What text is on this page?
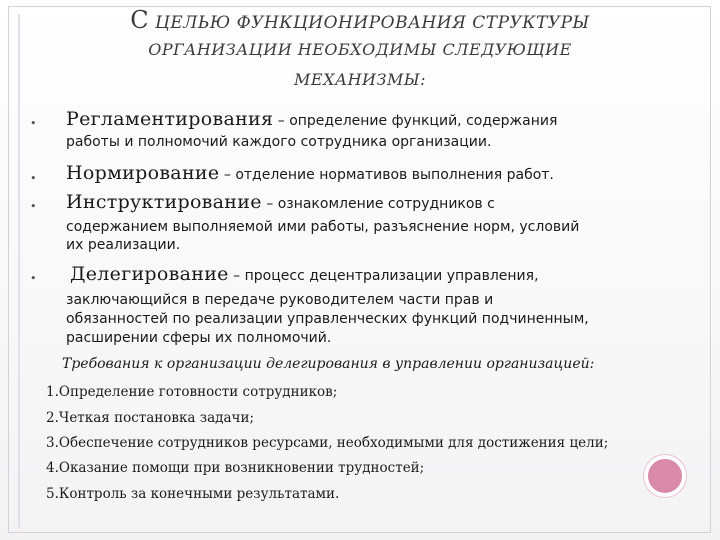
С ЦЕЛЬЮ ФУНКЦИОНИРОВАНИЯ СТРУКТУРЫ
ОРГАНИЗАЦИИ НЕОБХОДИМЫ СЛЕДУЮЩИЕ
МЕХАНИЗМЫ:
• Регламентирования – определение функций, содержания
работы и полномочий каждого сотрудника организации.
• Нормирование – отделение нормативов выполнения работ.
• Инструктирование – ознакомление сотрудников с
содержанием выполняемой ими работы, разъяснение норм, условий
их реализации.
• Делегирование – процесс децентрализации управления,
заключающийся в передаче руководителем части прав и
обязанностей по реализации управленческих функций подчиненным,
расширении сферы их полномочий.
Требования к организации делегирования в управлении организацией:
1.Определение готовности сотрудников;
2.Четкая постановка задачи;
3.Обеспечение сотрудников ресурсами, необходимыми для достижения цели;
4.Оказание помощи при возникновении трудностей;
5.Контроль за конечными результатами.
